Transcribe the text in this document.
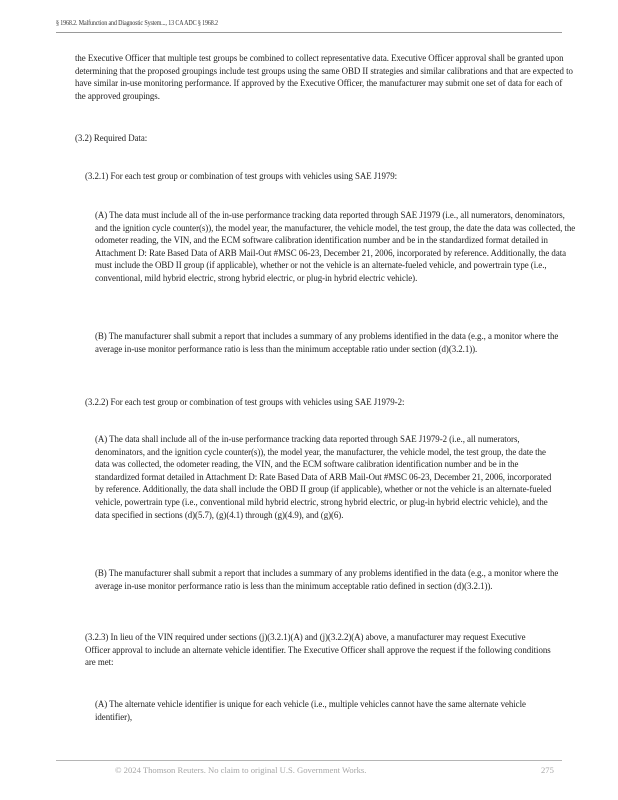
§ 1968.2. Malfunction and Diagnostic System..., 13 CA ADC § 1968.2

the Executive Officer that multiple test groups be combined to collect representative data. Executive Officer approval shall be granted upon determining that the proposed groupings include test groups using the same OBD II strategies and similar calibrations and that are expected to have similar in-use monitoring performance. If approved by the Executive Officer, the manufacturer may submit one set of data for each of the approved groupings.

(3.2) Required Data:

(3.2.1) For each test group or combination of test groups with vehicles using SAE J1979:

(A) The data must include all of the in-use performance tracking data reported through SAE J1979 (i.e., all numerators, denominators, and the ignition cycle counter(s)), the model year, the manufacturer, the vehicle model, the test group, the date the data was collected, the odometer reading, the VIN, and the ECM software calibration identification number and be in the standardized format detailed in Attachment D: Rate Based Data of ARB Mail-Out #MSC 06-23, December 21, 2006, incorporated by reference. Additionally, the data must include the OBD II group (if applicable), whether or not the vehicle is an alternate-fueled vehicle, and powertrain type (i.e., conventional, mild hybrid electric, strong hybrid electric, or plug-in hybrid electric vehicle).

(B) The manufacturer shall submit a report that includes a summary of any problems identified in the data (e.g., a monitor where the average in-use monitor performance ratio is less than the minimum acceptable ratio under section (d)(3.2.1)).

(3.2.2) For each test group or combination of test groups with vehicles using SAE J1979-2:

(A) The data shall include all of the in-use performance tracking data reported through SAE J1979-2 (i.e., all numerators, denominators, and the ignition cycle counter(s)), the model year, the manufacturer, the vehicle model, the test group, the date the data was collected, the odometer reading, the VIN, and the ECM software calibration identification number and be in the standardized format detailed in Attachment D: Rate Based Data of ARB Mail-Out #MSC 06-23, December 21, 2006, incorporated by reference. Additionally, the data shall include the OBD II group (if applicable), whether or not the vehicle is an alternate-fueled vehicle, powertrain type (i.e., conventional mild hybrid electric, strong hybrid electric, or plug-in hybrid electric vehicle), and the data specified in sections (d)(5.7), (g)(4.1) through (g)(4.9), and (g)(6).

(B) The manufacturer shall submit a report that includes a summary of any problems identified in the data (e.g., a monitor where the average in-use monitor performance ratio is less than the minimum acceptable ratio defined in section (d)(3.2.1)).

(3.2.3) In lieu of the VIN required under sections (j)(3.2.1)(A) and (j)(3.2.2)(A) above, a manufacturer may request Executive Officer approval to include an alternate vehicle identifier. The Executive Officer shall approve the request if the following conditions are met:

(A) The alternate vehicle identifier is unique for each vehicle (i.e., multiple vehicles cannot have the same alternate vehicle identifier),

© 2024 Thomson Reuters. No claim to original U.S. Government Works.	275
